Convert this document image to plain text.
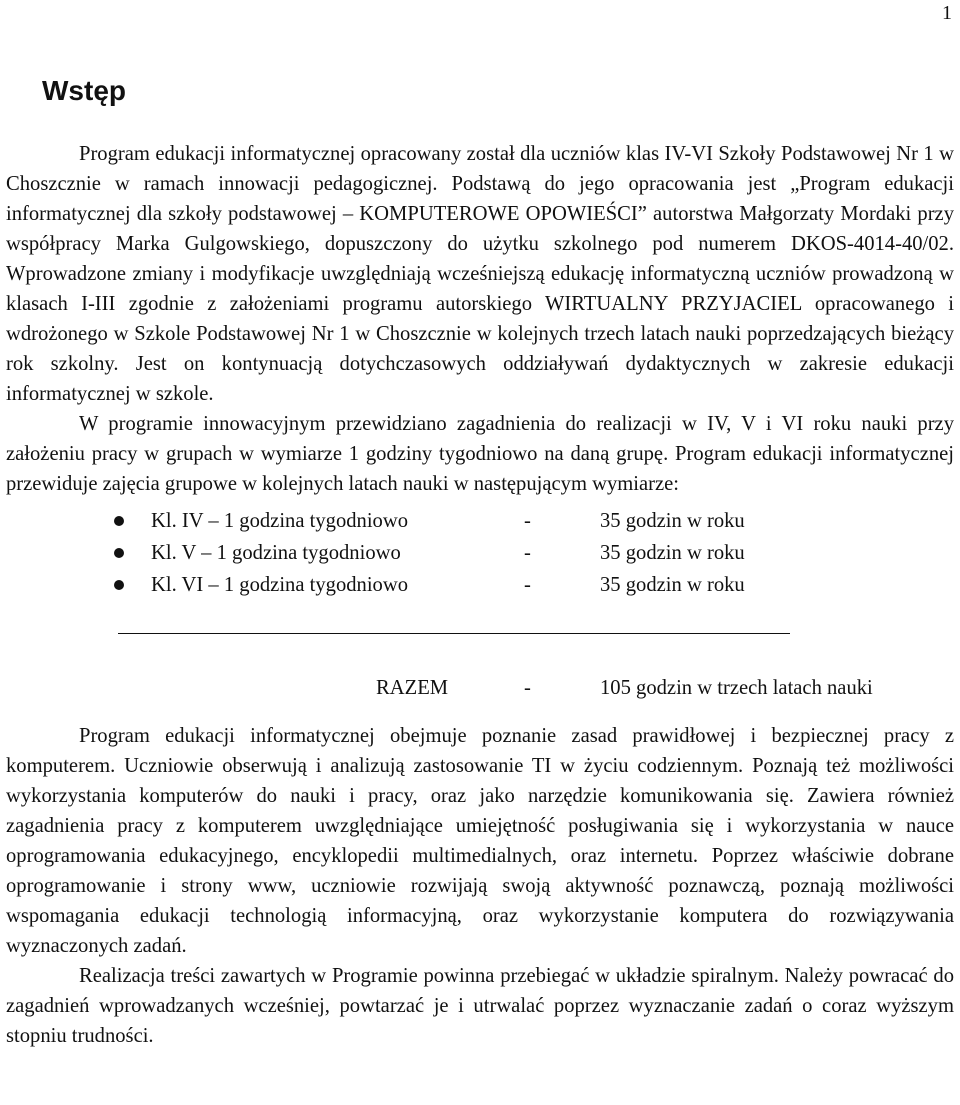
1
Wstęp

Program edukacji informatycznej opracowany został dla uczniów klas IV-VI Szkoły Podstawowej Nr 1 w Choszcznie w ramach innowacji pedagogicznej. Podstawą do jego opracowania jest „Program edukacji informatycznej dla szkoły podstawowej – KOMPUTEROWE OPOWIEŚCI” autorstwa Małgorzaty Mordaki przy współpracy Marka Gulgowskiego, dopuszczony do użytku szkolnego pod numerem DKOS-4014-40/02. Wprowadzone zmiany i modyfikacje uwzględniają wcześniejszą edukację informatyczną uczniów prowadzoną w klasach I-III zgodnie z założeniami programu autorskiego WIRTUALNY PRZYJACIEL opracowanego i wdrożonego w Szkole Podstawowej Nr 1 w Choszcznie w kolejnych trzech latach nauki poprzedzających bieżący rok szkolny. Jest on kontynuacją dotychczasowych oddziaływań dydaktycznych w zakresie edukacji informatycznej w szkole.

W programie innowacyjnym przewidziano zagadnienia do realizacji w IV, V i VI roku nauki przy założeniu pracy w grupach w wymiarze 1 godziny tygodniowo na daną grupę. Program edukacji informatycznej przewiduje zajęcia grupowe w kolejnych latach nauki w następującym wymiarze:

Kl. IV – 1 godzina tygodniowo	-	35 godzin w roku
Kl. V – 1 godzina tygodniowo	-	35 godzin w roku
Kl. VI – 1 godzina tygodniowo	-	35 godzin w roku
RAZEM	-	105 godzin w trzech latach nauki

Program edukacji informatycznej obejmuje poznanie zasad prawidłowej i bezpiecznej pracy z komputerem. Uczniowie obserwują i analizują zastosowanie TI w życiu codziennym. Poznają też możliwości wykorzystania komputerów do nauki i pracy, oraz jako narzędzie komunikowania się. Zawiera również zagadnienia pracy z komputerem uwzględniające umiejętność posługiwania się i wykorzystania w nauce oprogramowania edukacyjnego, encyklopedii multimedialnych, oraz internetu. Poprzez właściwie dobrane oprogramowanie i strony www, uczniowie rozwijają swoją aktywność poznawczą, poznają możliwości wspomagania edukacji technologią informacyjną, oraz wykorzystanie komputera do rozwiązywania wyznaczonych zadań.

Realizacja treści zawartych w Programie powinna przebiegać w układzie spiralnym. Należy powracać do zagadnień wprowadzanych wcześniej, powtarzać je i utrwalać poprzez wyznaczanie zadań o coraz wyższym stopniu trudności.
